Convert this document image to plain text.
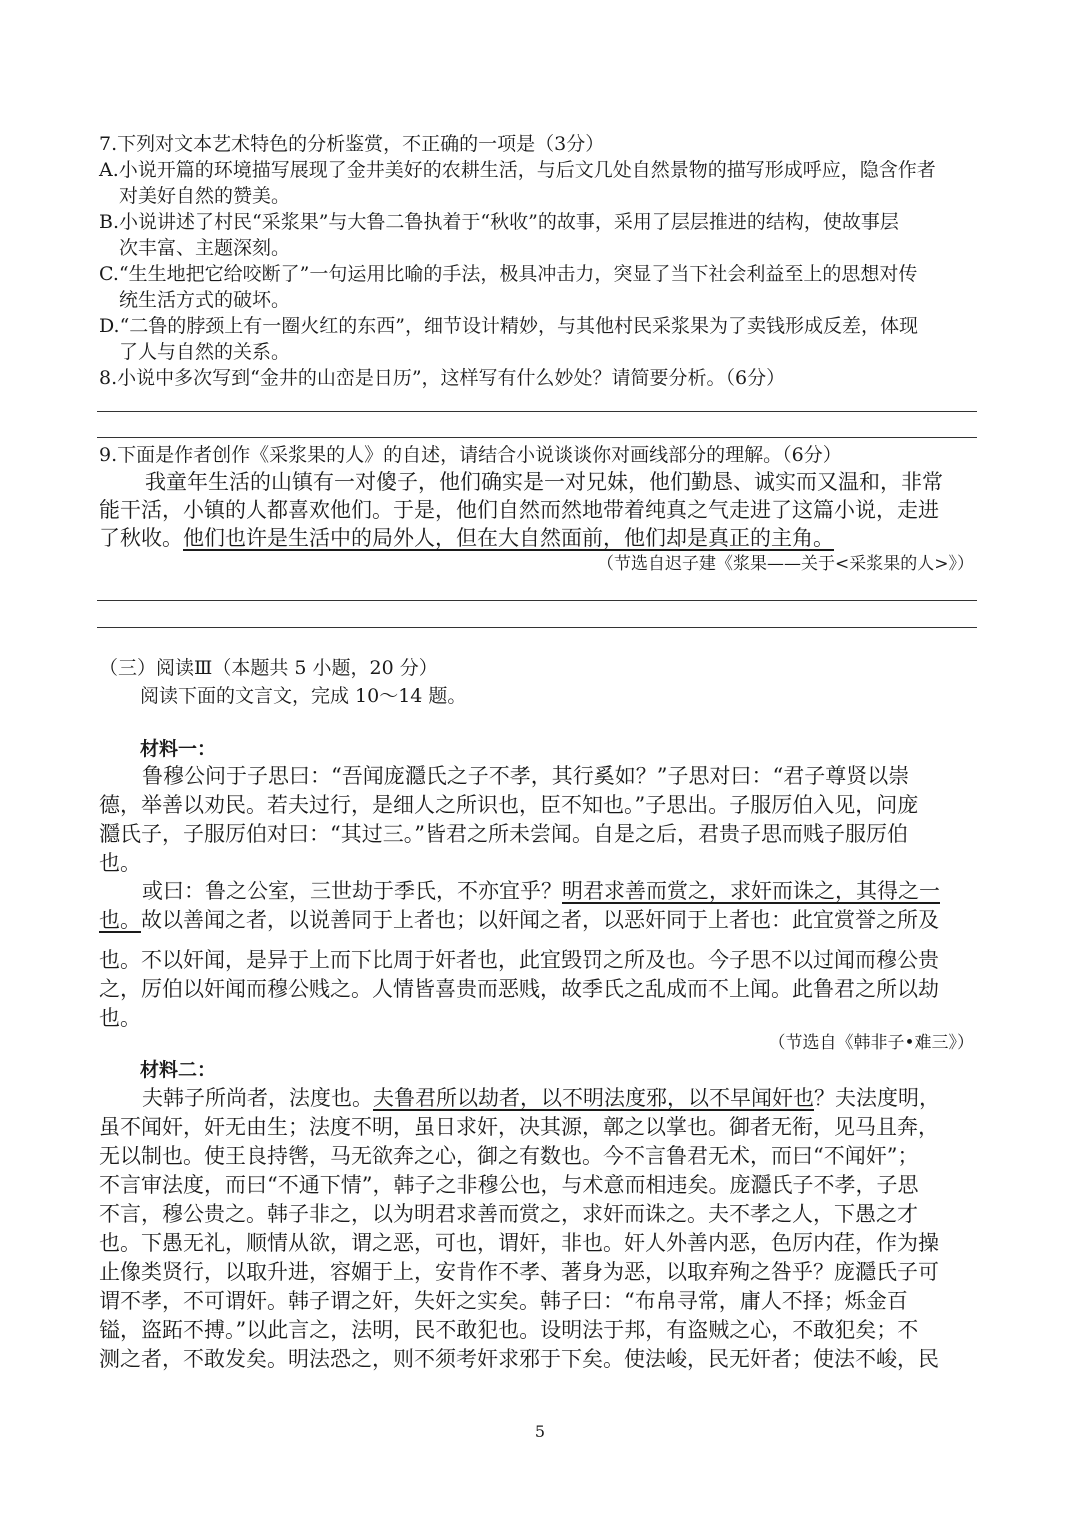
7.下列对文本艺术特色的分析鉴赏，不正确的一项是（3分）
A.小说开篇的环境描写展现了金井美好的农耕生活，与后文几处自然景物的描写形成呼应，隐含作者
对美好自然的赞美。
B.小说讲述了村民“采浆果”与大鲁二鲁执着于“秋收”的故事，采用了层层推进的结构，使故事层
次丰富、主题深刻。
C.“生生地把它给咬断了”一句运用比喻的手法，极具冲击力，突显了当下社会利益至上的思想对传
统生活方式的破坏。
D.“二鲁的脖颈上有一圈火红的东西”，细节设计精妙，与其他村民采浆果为了卖钱形成反差，体现
了人与自然的关系。
8.小说中多次写到“金井的山峦是日历”，这样写有什么妙处？请简要分析。（6分）
9.下面是作者创作《采浆果的人》的自述，请结合小说谈谈你对画线部分的理解。（6分）
我童年生活的山镇有一对傻子，他们确实是一对兄妹，他们勤恳、诚实而又温和，非常
能干活，小镇的人都喜欢他们。于是，他们自然而然地带着纯真之气走进了这篇小说，走进
了秋收。他们也许是生活中的局外人，但在大自然面前，他们却是真正的主角。
（节选自迟子建《浆果——关于<采浆果的人>》）
（三）阅读Ⅲ（本题共 5 小题，20 分）
阅读下面的文言文，完成 10～14 题。
材料一：
鲁穆公问于子思曰：“吾闻庞㶏氏之子不孝，其行奚如？”子思对曰：“君子尊贤以崇
德，举善以劝民。若夫过行，是细人之所识也，臣不知也。”子思出。子服厉伯入见，问庞
㶏氏子，子服厉伯对曰：“其过三。”皆君之所未尝闻。自是之后，君贵子思而贱子服厉伯
也。
或曰：鲁之公室，三世劫于季氏，不亦宜乎？明君求善而赏之，求奸而诛之，其得之一
也。故以善闻之者，以说善同于上者也；以奸闻之者，以恶奸同于上者也：此宜赏誉之所及
也。不以奸闻，是异于上而下比周于奸者也，此宜毁罚之所及也。今子思不以过闻而穆公贵
之，厉伯以奸闻而穆公贱之。人情皆喜贵而恶贱，故季氏之乱成而不上闻。此鲁君之所以劫
也。
（节选自《韩非子•难三》）
材料二：
夫韩子所尚者，法度也。夫鲁君所以劫者，以不明法度邪，以不早闻奸也？夫法度明，
虽不闻奸，奸无由生；法度不明，虽日求奸，决其源，鄣之以掌也。御者无衔，见马且奔，
无以制也。使王良持辔，马无欲奔之心，御之有数也。今不言鲁君无术，而曰“不闻奸”；
不言审法度，而曰“不通下情”，韩子之非穆公也，与术意而相违矣。庞㶏氏子不孝，子思
不言，穆公贵之。韩子非之，以为明君求善而赏之，求奸而诛之。夫不孝之人，下愚之才
也。下愚无礼，顺情从欲，谓之恶，可也，谓奸，非也。奸人外善内恶，色厉内荏，作为操
止像类贤行，以取升进，容媚于上，安肯作不孝、著身为恶，以取弃殉之咎乎？庞㶏氏子可
谓不孝，不可谓奸。韩子谓之奸，失奸之实矣。韩子曰：“布帛寻常，庸人不择；烁金百
镒，盗跖不搏。”以此言之，法明，民不敢犯也。设明法于邦，有盗贼之心，不敢犯矣；不
测之者，不敢发矣。明法恐之，则不须考奸求邪于下矣。使法峻，民无奸者；使法不峻，民
5
